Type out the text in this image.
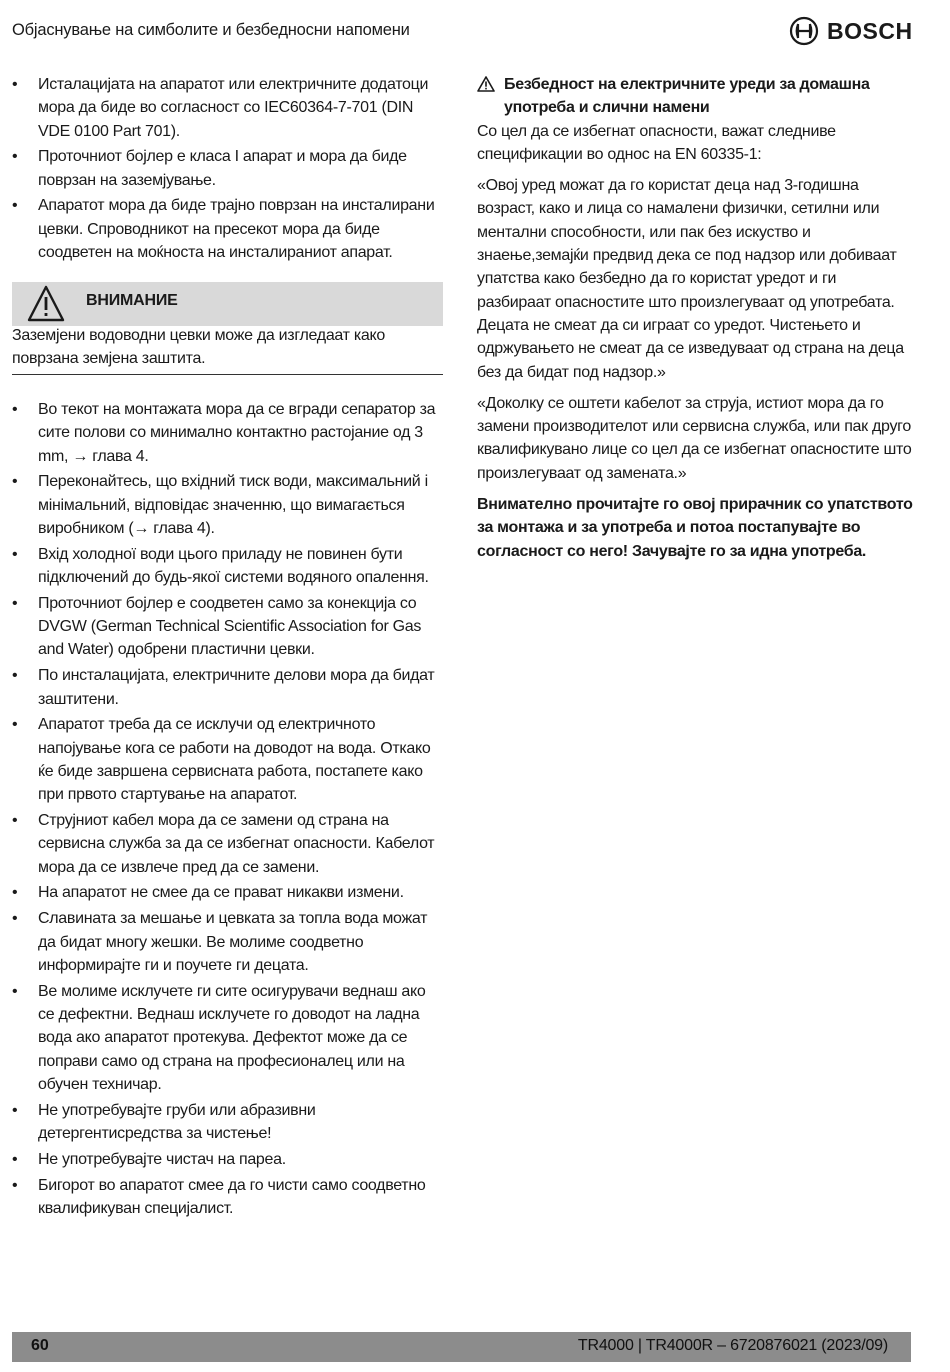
Објаснување на симболите и безбедносни напомени	BOSCH
• Исталацијата на апаратот или електричните додатоци мора да биде во согласност со IEC60364-7-701 (DIN VDE 0100 Part 701).
• Проточниот бојлер е класа I апарат и мора да биде поврзан на заземјување.
• Апаратот мора да биде трајно поврзан на инсталирани цевки. Спроводникот на пресекот мора да биде соодветен на моќноста на инсталираниот апарат.
ВНИМАНИЕ
Заземјени водоводни цевки може да изгледаат како поврзана земјена заштита.
• Во текот на монтажата мора да се вгради сепаратор за сите полови со минимално контактно растојание од 3 mm, → глава 4.
• Переконайтесь, що вхідний тиск води, максимальний і мінімальний, відповідає значенню, що вимагається виробником (→ глава 4).
• Вхід холодної води цього приладу не повинен бути підключений до будь-якої системи водяного опалення.
• Проточниот бојлер е соодветен само за конекција со DVGW (German Technical Scientific Association for Gas and Water) одобрени пластични цевки.
• По инсталацијата, електричните делови мора да бидат заштитени.
• Апаратот треба да се исклучи од електричното напојување кога се работи на доводот на вода. Откако ќе биде завршена сервисната работа, постапете како при првото стартување на апаратот.
• Струјниот кабел мора да се замени од страна на сервисна служба за да се избегнат опасности. Кабелот мора да се извлече пред да се замени.
• На апаратот не смее да се прават никакви измени.
• Славината за мешање и цевката за топла вода можат да бидат многу жешки. Ве молиме соодветно информирајте ги и поучете ги децата.
• Ве молиме исклучете ги сите осигурувачи веднаш ако се дефектни. Веднаш исклучете го доводот на ладна вода ако апаратот протекува. Дефектот може да се поправи само од страна на професионалец или на обучен техничар.
• Не употребувајте груби или абразивни детергентисредства за чистење!
• Не употребувајте чистач на пареа.
• Бигорот во апаратот смее да го чисти само соодветно квалификуван специјалист.
Безбедност на електричните уреди за домашна употреба и слични намени

Со цел да се избегнат опасности, важат следниве спецификации во однос на EN 60335-1:

«Овој уред можат да го користат деца над 3-годишна возраст, како и лица со намалени физички, сетилни или ментални способности, или пак без искуство и знаење,земајќи предвид дека се под надзор или добиваат упатства како безбедно да го користат уредот и ги разбираат опасностите што произлегуваат од употребата. Децата не смеат да си играат со уредот. Чистењето и одржувањето не смеат да се изведуваат од страна на деца без да бидат под надзор.»

«Доколку се оштети кабелот за струја, истиот мора да го замени производителот или сервисна служба, или пак друго квалификувано лице со цел да се избегнат опасностите што произлегуваат од замената.»

Внимателно прочитајте го овој прирачник со упатството за монтажа и за употреба и потоа постапувајте во согласност со него! Зачувајте го за идна употреба.

60	TR4000 | TR4000R – 6720876021 (2023/09)
